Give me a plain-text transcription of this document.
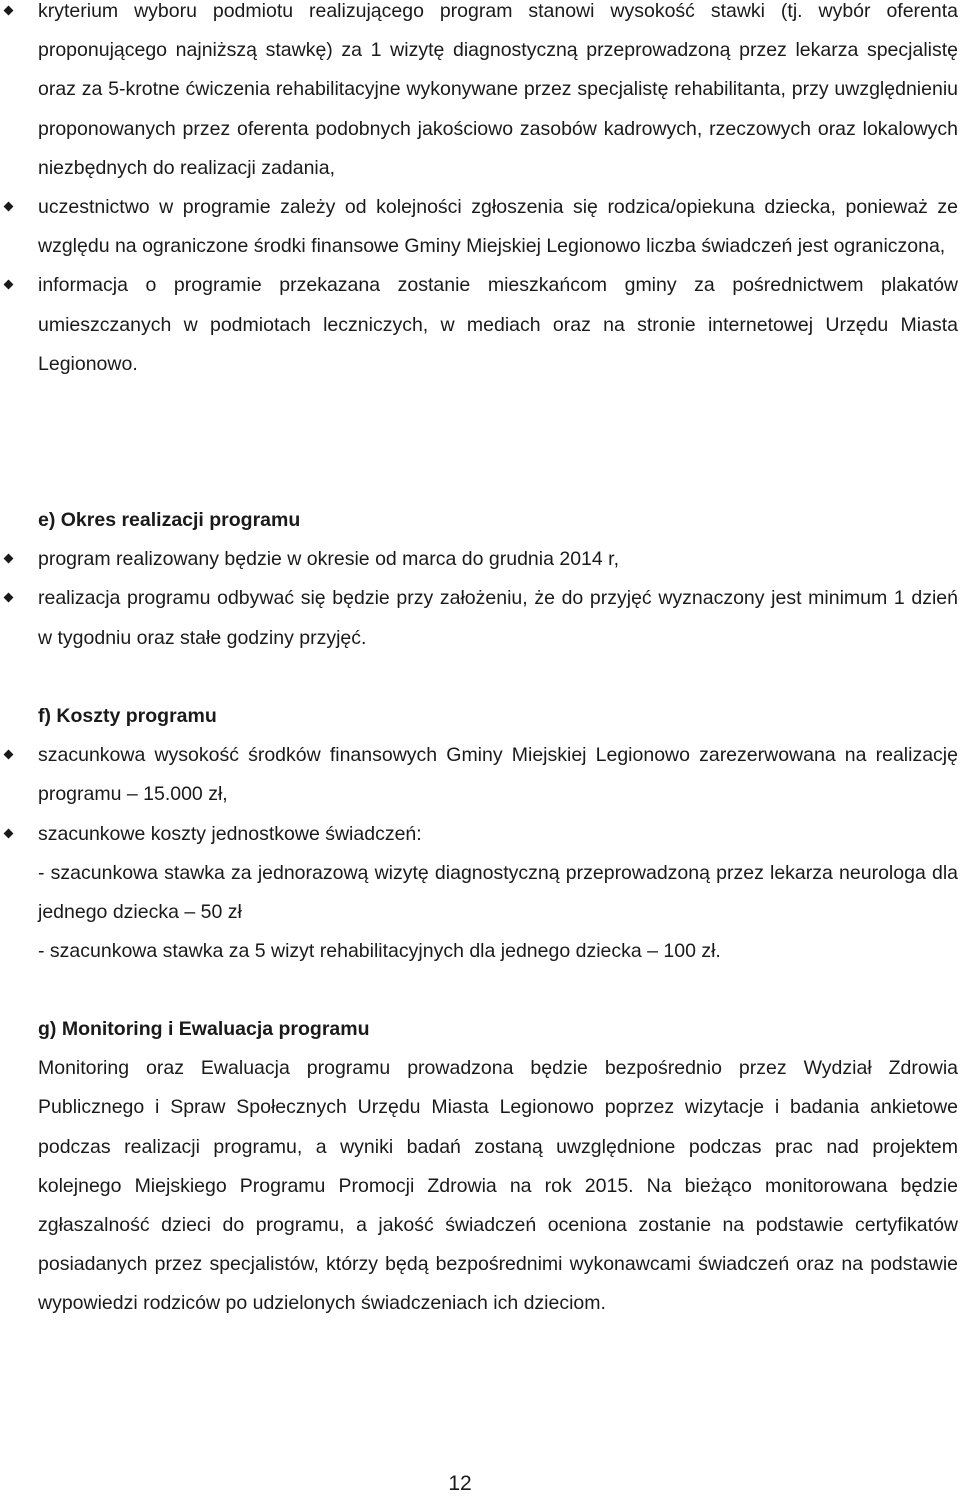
kryterium wyboru podmiotu realizującego program stanowi wysokość stawki (tj. wybór oferenta proponującego najniższą stawkę) za 1 wizytę diagnostyczną przeprowadzoną przez lekarza specjalistę oraz za 5-krotne ćwiczenia rehabilitacyjne wykonywane przez specjalistę rehabilitanta, przy uwzględnieniu proponowanych przez oferenta podobnych jakościowo zasobów kadrowych, rzeczowych oraz lokalowych niezbędnych do realizacji zadania,
uczestnictwo w programie zależy od kolejności zgłoszenia się rodzica/opiekuna dziecka, ponieważ ze względu na ograniczone środki finansowe Gminy Miejskiej Legionowo liczba świadczeń jest ograniczona,
informacja o programie przekazana zostanie mieszkańcom gminy za pośrednictwem plakatów umieszczanych w podmiotach leczniczych, w mediach oraz na stronie internetowej Urzędu Miasta Legionowo.
e) Okres realizacji programu
program realizowany będzie w okresie od marca do grudnia 2014 r,
realizacja programu odbywać się będzie przy założeniu, że do przyjęć wyznaczony jest minimum 1 dzień w tygodniu oraz stałe godziny przyjęć.
f) Koszty programu
szacunkowa wysokość środków finansowych Gminy Miejskiej Legionowo zarezerwowana na realizację programu – 15.000 zł,
szacunkowe koszty jednostkowe świadczeń:
- szacunkowa stawka za jednorazową wizytę diagnostyczną przeprowadzoną przez lekarza neurologa dla jednego dziecka – 50 zł
- szacunkowa stawka za 5 wizyt rehabilitacyjnych dla jednego dziecka – 100 zł.
g) Monitoring i Ewaluacja programu
Monitoring oraz Ewaluacja programu prowadzona będzie bezpośrednio przez Wydział Zdrowia Publicznego i Spraw Społecznych Urzędu Miasta Legionowo poprzez wizytacje i badania ankietowe podczas realizacji programu, a wyniki badań zostaną uwzględnione podczas prac nad projektem kolejnego Miejskiego Programu Promocji Zdrowia na rok 2015. Na bieżąco monitorowana będzie zgłaszalność dzieci do programu, a jakość świadczeń oceniona zostanie na podstawie certyfikatów posiadanych przez specjalistów, którzy będą bezpośrednimi wykonawcami świadczeń oraz na podstawie wypowiedzi rodziców po udzielonych świadczeniach ich dzieciom.
12
